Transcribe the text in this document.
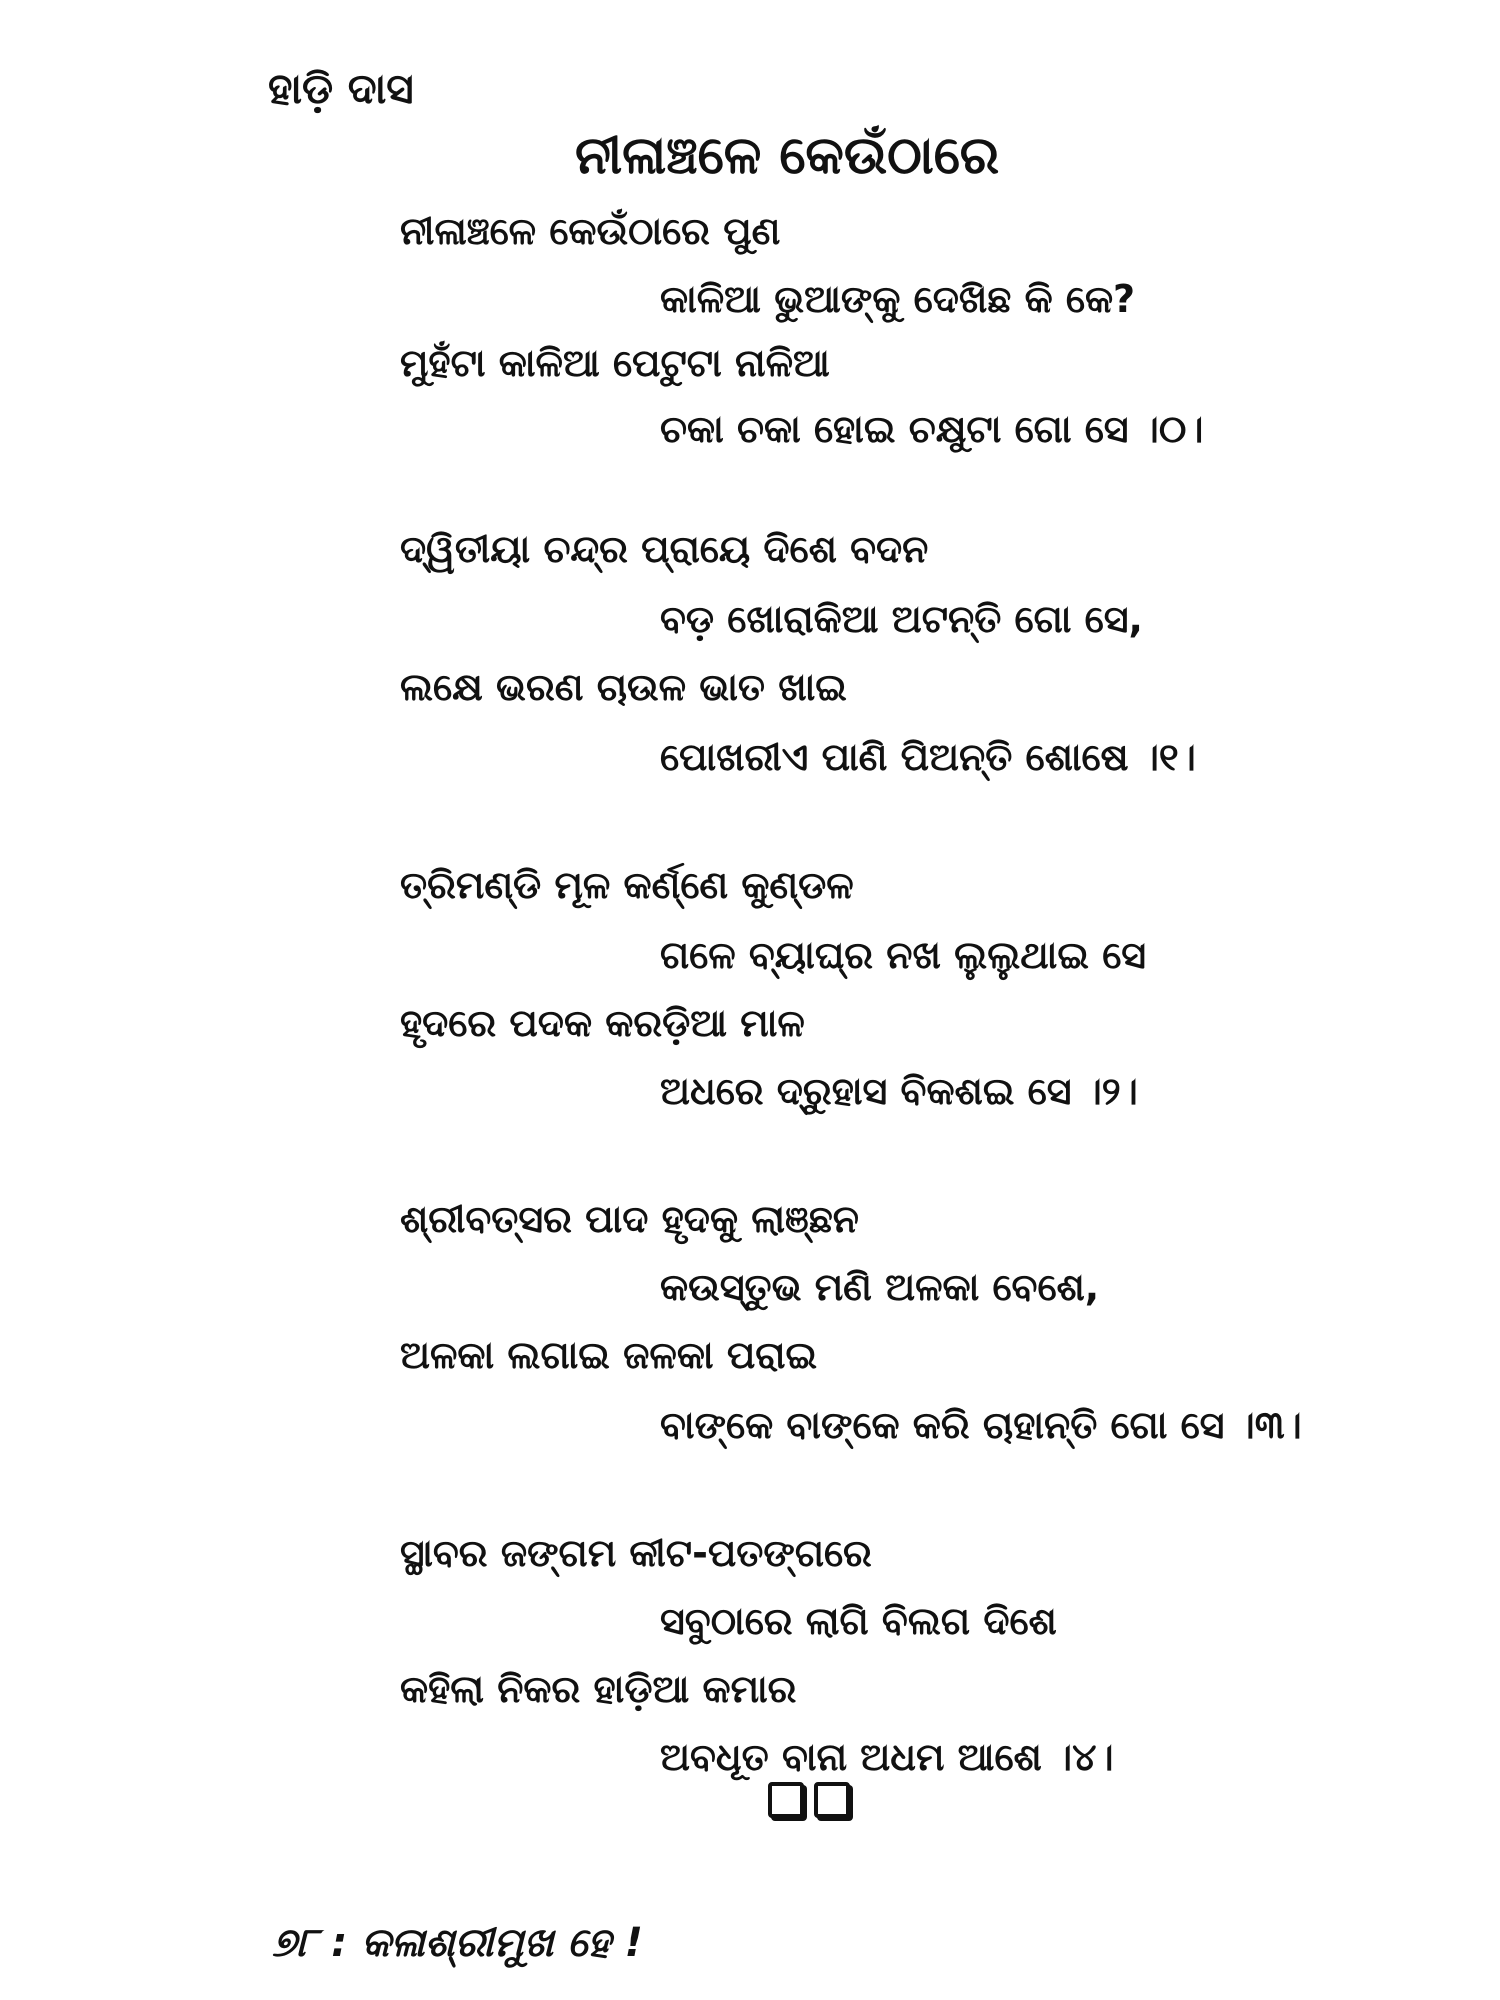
ହାଡ଼ି ଦାସ
ନୀଳାଞ୍ଚଳେ କେଉଁଠାରେ
ନୀଳାଞ୍ଚଳେ କେଉଁଠାରେ ପୁଣ
କାଳିଆ ଭୁଆଙ୍କୁ ଦେଖିଛ କି କେ?
ମୁହଁଟା କାଳିଆ ପେଟୁଟା ନାଳିଆ
ଚକା ଚକା ହୋଇ ଚକ୍ଷୁଟା ଗୋ ସେ ।୦।
ଦ୍ୱିତୀୟା ଚନ୍ଦ୍ର ପ୍ରାୟେ ଦିଶେ ବଦନ
ବଡ଼ ଖୋରାକିଆ ଅଟନ୍ତି ଗୋ ସେ,
ଲକ୍ଷେ ଭରଣ ଚାଉଳ ଭାତ ଖାଇ
ପୋଖରୀଏ ପାଣି ପିଅନ୍ତି ଶୋଷେ ।୧।
ତ୍ରିମଣ୍ଡି ମୂଳ କର୍ଣ୍ଣେ କୁଣ୍ଡଳ
ଗଳେ ବ୍ୟାଘ୍ର ନଖ ଲୁଲୁଥାଇ ସେ
ହୃଦରେ ପଦକ କରଡ଼ିଆ ମାଳ
ଅଧରେ ଦ୍ରୁହାସ ବିକଶଇ ସେ ।୨।
ଶ୍ରୀବତ୍ସର ପାଦ ହୃଦକୁ ଲାଞ୍ଛନ
କଉସ୍ତୁଭ ମଣି ଅଳକା ବେଶେ,
ଅଳକା ଲଗାଇ ଜଳକା ପରାଇ
ବାଙ୍କେ ବାଙ୍କେ କରି ଚାହାନ୍ତି ଗୋ ସେ ।୩।
ସ୍ଥାବର ଜଙ୍ଗମ କୀଟ-ପତଙ୍ଗରେ
ସବୁଠାରେ ଲାଗି ବିଲଗ ଦିଶେ
କହିଲା ନିକର ହାଡ଼ିଆ କମାର
ଅବଧୂତ ବାନା ଅଧମ ଆଶେ ।୪।
୭୮ : କଳାଶ୍ରୀମୁଖ ହେ !
